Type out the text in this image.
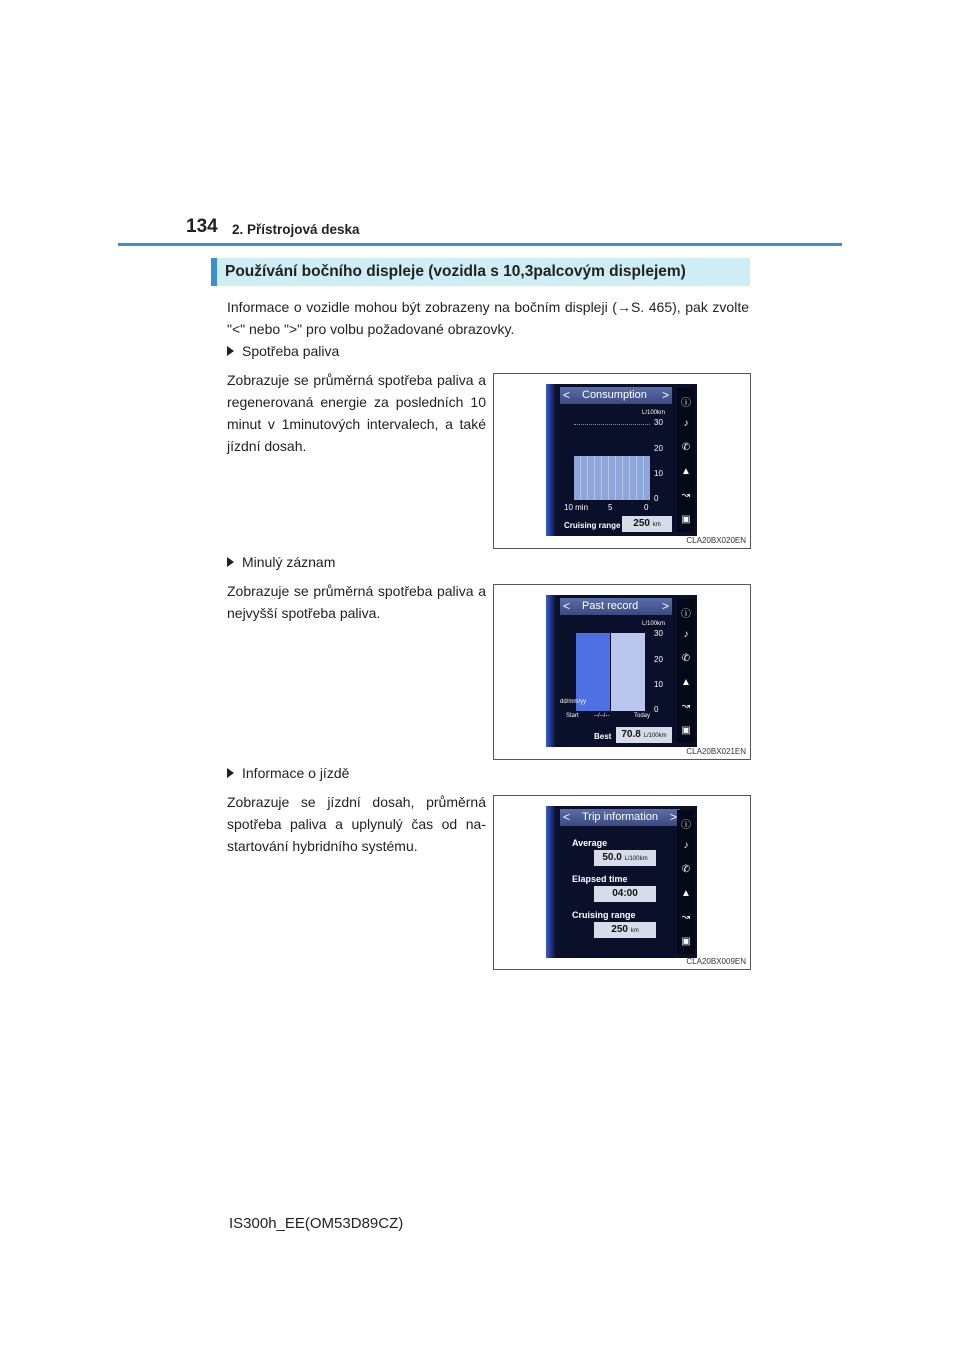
134 2. Přístrojová deska
Používání bočního displeje (vozidla s 10,3palcovým displejem)
Informace o vozidle mohou být zobrazeny na bočním displeji (→S. 465), pak zvolte "<" nebo ">" pro volbu požadované obrazovky.
Spotřeba paliva
Zobrazuje se průměrná spotřeba paliva a regenerovaná energie za posledních 10 minut v 1minutových intervalech, a také jízdní dosah.
< Consumption >
L/100km
30
20
10
0
10 min 5	0
Cruising range	250 km
ⓘ
♪
✆
▲
↝
▣
CLA20BX020EN
Minulý záznam
Zobrazuje se průměrná spotřeba paliva a nejvyšší spotřeba paliva.	< Past record >
L/100km
30
20
10
0
dd/mm/yy
Start	--/--/--	Today
Best	70.8 L/100km
ⓘ
♪
✆
▲
↝
▣
CLA20BX021EN
Informace o jízdě
Zobrazuje se jízdní dosah, průměrná spotřeba paliva a uplynulý čas od nastartování hybridního systému.
< Trip information >
Average
50.0 L/100km
Elapsed time
04:00
Cruising range
250 km
ⓘ
♪
✆
▲
↝
▣
CLA20BX009EN
IS300h_EE(OM53D89CZ)
